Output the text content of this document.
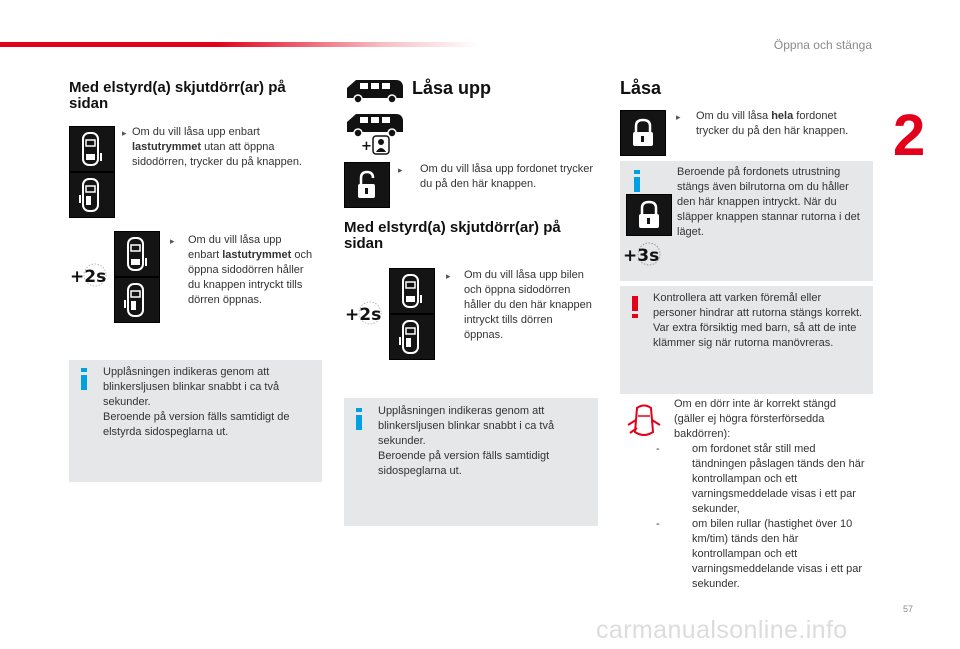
Öppna och stänga
2
57
carmanualsonline.info
Med elstyrd(a) skjutdörr(ar) på
sidan
▸ Om du vill låsa upp enbart lastutrymmet utan att öppna sidodörren, trycker du på knappen.
+2s
▸	Om du vill låsa upp enbart lastutrymmet och öppna sidodörren håller du knappen intryckt tills dörren öppnas.
Upplåsningen indikeras genom att blinkersljusen blinkar snabbt i ca två sekunder.
Beroende på version fälls samtidigt de elstyrda sidospeglarna ut.
Låsa upp
+
▸	Om du vill låsa upp fordonet trycker du på den här knappen.
Med elstyrd(a) skjutdörr(ar) på
sidan
+2s
▸	Om du vill låsa upp bilen och öppna sidodörren håller du den här knappen intryckt tills dörren öppnas.
Upplåsningen indikeras genom att blinkersljusen blinkar snabbt i ca två sekunder.
Beroende på version fälls samtidigt sidospeglarna ut.
Låsa
▸	Om du vill låsa hela fordonet trycker du på den här knappen.
+3s
Beroende på fordonets utrustning stängs även bilrutorna om du håller den här knappen intryckt. När du släpper knappen stannar rutorna i det läget.
Kontrollera att varken föremål eller personer hindrar att rutorna stängs korrekt.
Var extra försiktig med barn, så att de inte klämmer sig när rutorna manövreras.
Om en dörr inte är korrekt stängd (gäller ej högra försterförsedda bakdörren):
-	om fordonet står still med tändningen påslagen tänds den här kontrollampan och ett varningsmeddelade visas i ett par sekunder,
-	om bilen rullar (hastighet över 10 km/tim) tänds den här kontrollampan och ett varningsmeddelande visas i ett par sekunder.
